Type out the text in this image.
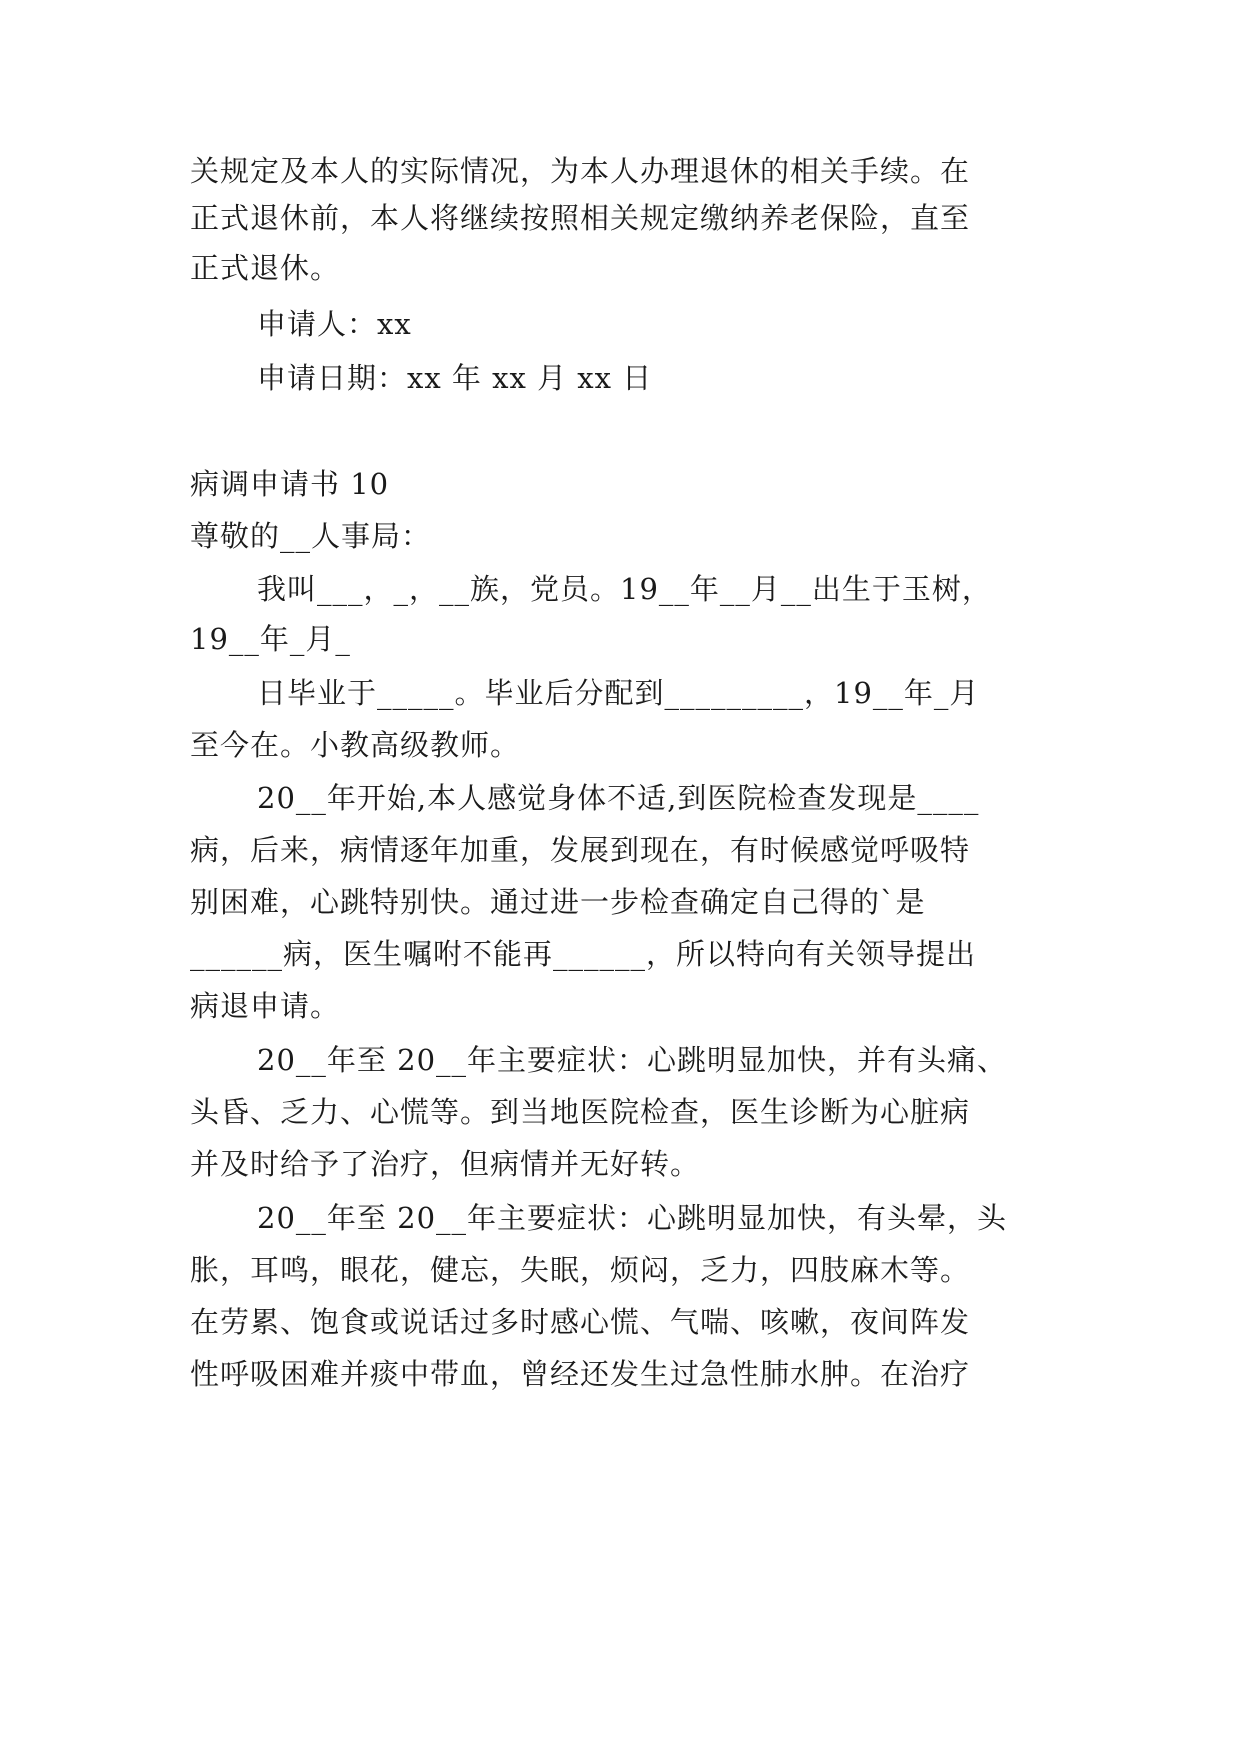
关规定及本人的实际情况，为本人办理退休的相关手续。在
正式退休前，本人将继续按照相关规定缴纳养老保险，直至
正式退休。
申请人：xx
申请日期：xx 年 xx 月 xx 日
病调申请书 10
尊敬的__人事局：
我叫___，_，__族，党员。19__年__月__出生于玉树，
19__年_月_
日毕业于_____。毕业后分配到_________，19__年_月
至今在。小教高级教师。
20__年开始,本人感觉身体不适,到医院检查发现是____
病，后来，病情逐年加重，发展到现在，有时候感觉呼吸特
别困难，心跳特别快。通过进一步检查确定自己得的`是
______病，医生嘱咐不能再______，所以特向有关领导提出
病退申请。
20__年至 20__年主要症状：心跳明显加快，并有头痛、
头昏、乏力、心慌等。到当地医院检查，医生诊断为心脏病
并及时给予了治疗，但病情并无好转。
20__年至 20__年主要症状：心跳明显加快，有头晕，头
胀，耳鸣，眼花，健忘，失眠，烦闷，乏力，四肢麻木等。
在劳累、饱食或说话过多时感心慌、气喘、咳嗽，夜间阵发
性呼吸困难并痰中带血，曾经还发生过急性肺水肿。在治疗
